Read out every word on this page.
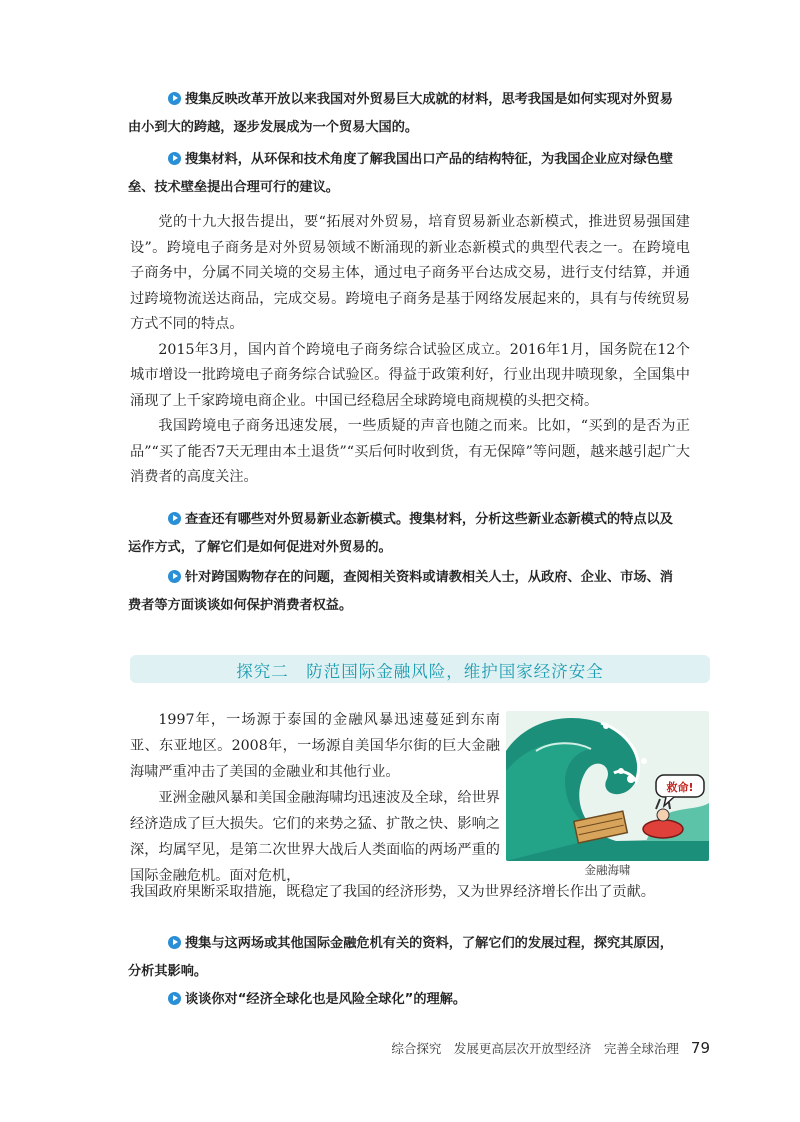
搜集反映改革开放以来我国对外贸易巨大成就的材料，思考我国是如何实现对外贸易
由小到大的跨越，逐步发展成为一个贸易大国的。
搜集材料，从环保和技术角度了解我国出口产品的结构特征，为我国企业应对绿色壁
垒、技术壁垒提出合理可行的建议。

党的十九大报告提出，要“拓展对外贸易，培育贸易新业态新模式，推进贸易强国建设”。跨境电子商务是对外贸易领域不断涌现的新业态新模式的典型代表之一。在跨境电子商务中，分属不同关境的交易主体，通过电子商务平台达成交易，进行支付结算，并通过跨境物流送达商品，完成交易。跨境电子商务是基于网络发展起来的，具有与传统贸易方式不同的特点。

2015年3月，国内首个跨境电子商务综合试验区成立。2016年1月，国务院在12个城市增设一批跨境电子商务综合试验区。得益于政策利好，行业出现井喷现象，全国集中涌现了上千家跨境电商企业。中国已经稳居全球跨境电商规模的头把交椅。

我国跨境电子商务迅速发展，一些质疑的声音也随之而来。比如，“买到的是否为正品”“买了能否7天无理由本土退货”“买后何时收到货，有无保障”等问题，越来越引起广大消费者的高度关注。

查查还有哪些对外贸易新业态新模式。搜集材料，分析这些新业态新模式的特点以及
运作方式，了解它们是如何促进对外贸易的。
针对跨国购物存在的问题，查阅相关资料或请教相关人士，从政府、企业、市场、消
费者等方面谈谈如何保护消费者权益。
探究二　防范国际金融风险，维护国家经济安全

1997年，一场源于泰国的金融风暴迅速蔓延到东南亚、东亚地区。2008年，一场源自美国华尔街的巨大金融海啸严重冲击了美国的金融业和其他行业。

亚洲金融风暴和美国金融海啸均迅速波及全球，给世界经济造成了巨大损失。它们的来势之猛、扩散之快、影响之深，均属罕见，是第二次世界大战后人类面临的两场严重的国际金融危机。面对危机，

我国政府果断采取措施，既稳定了我国的经济形势，又为世界经济增长作出了贡献。
救命!
金融海啸
搜集与这两场或其他国际金融危机有关的资料，了解它们的发展过程，探究其原因，
分析其影响。
谈谈你对“经济全球化也是风险全球化”的理解。
综合探究　发展更高层次开放型经济　完善全球治理 79
